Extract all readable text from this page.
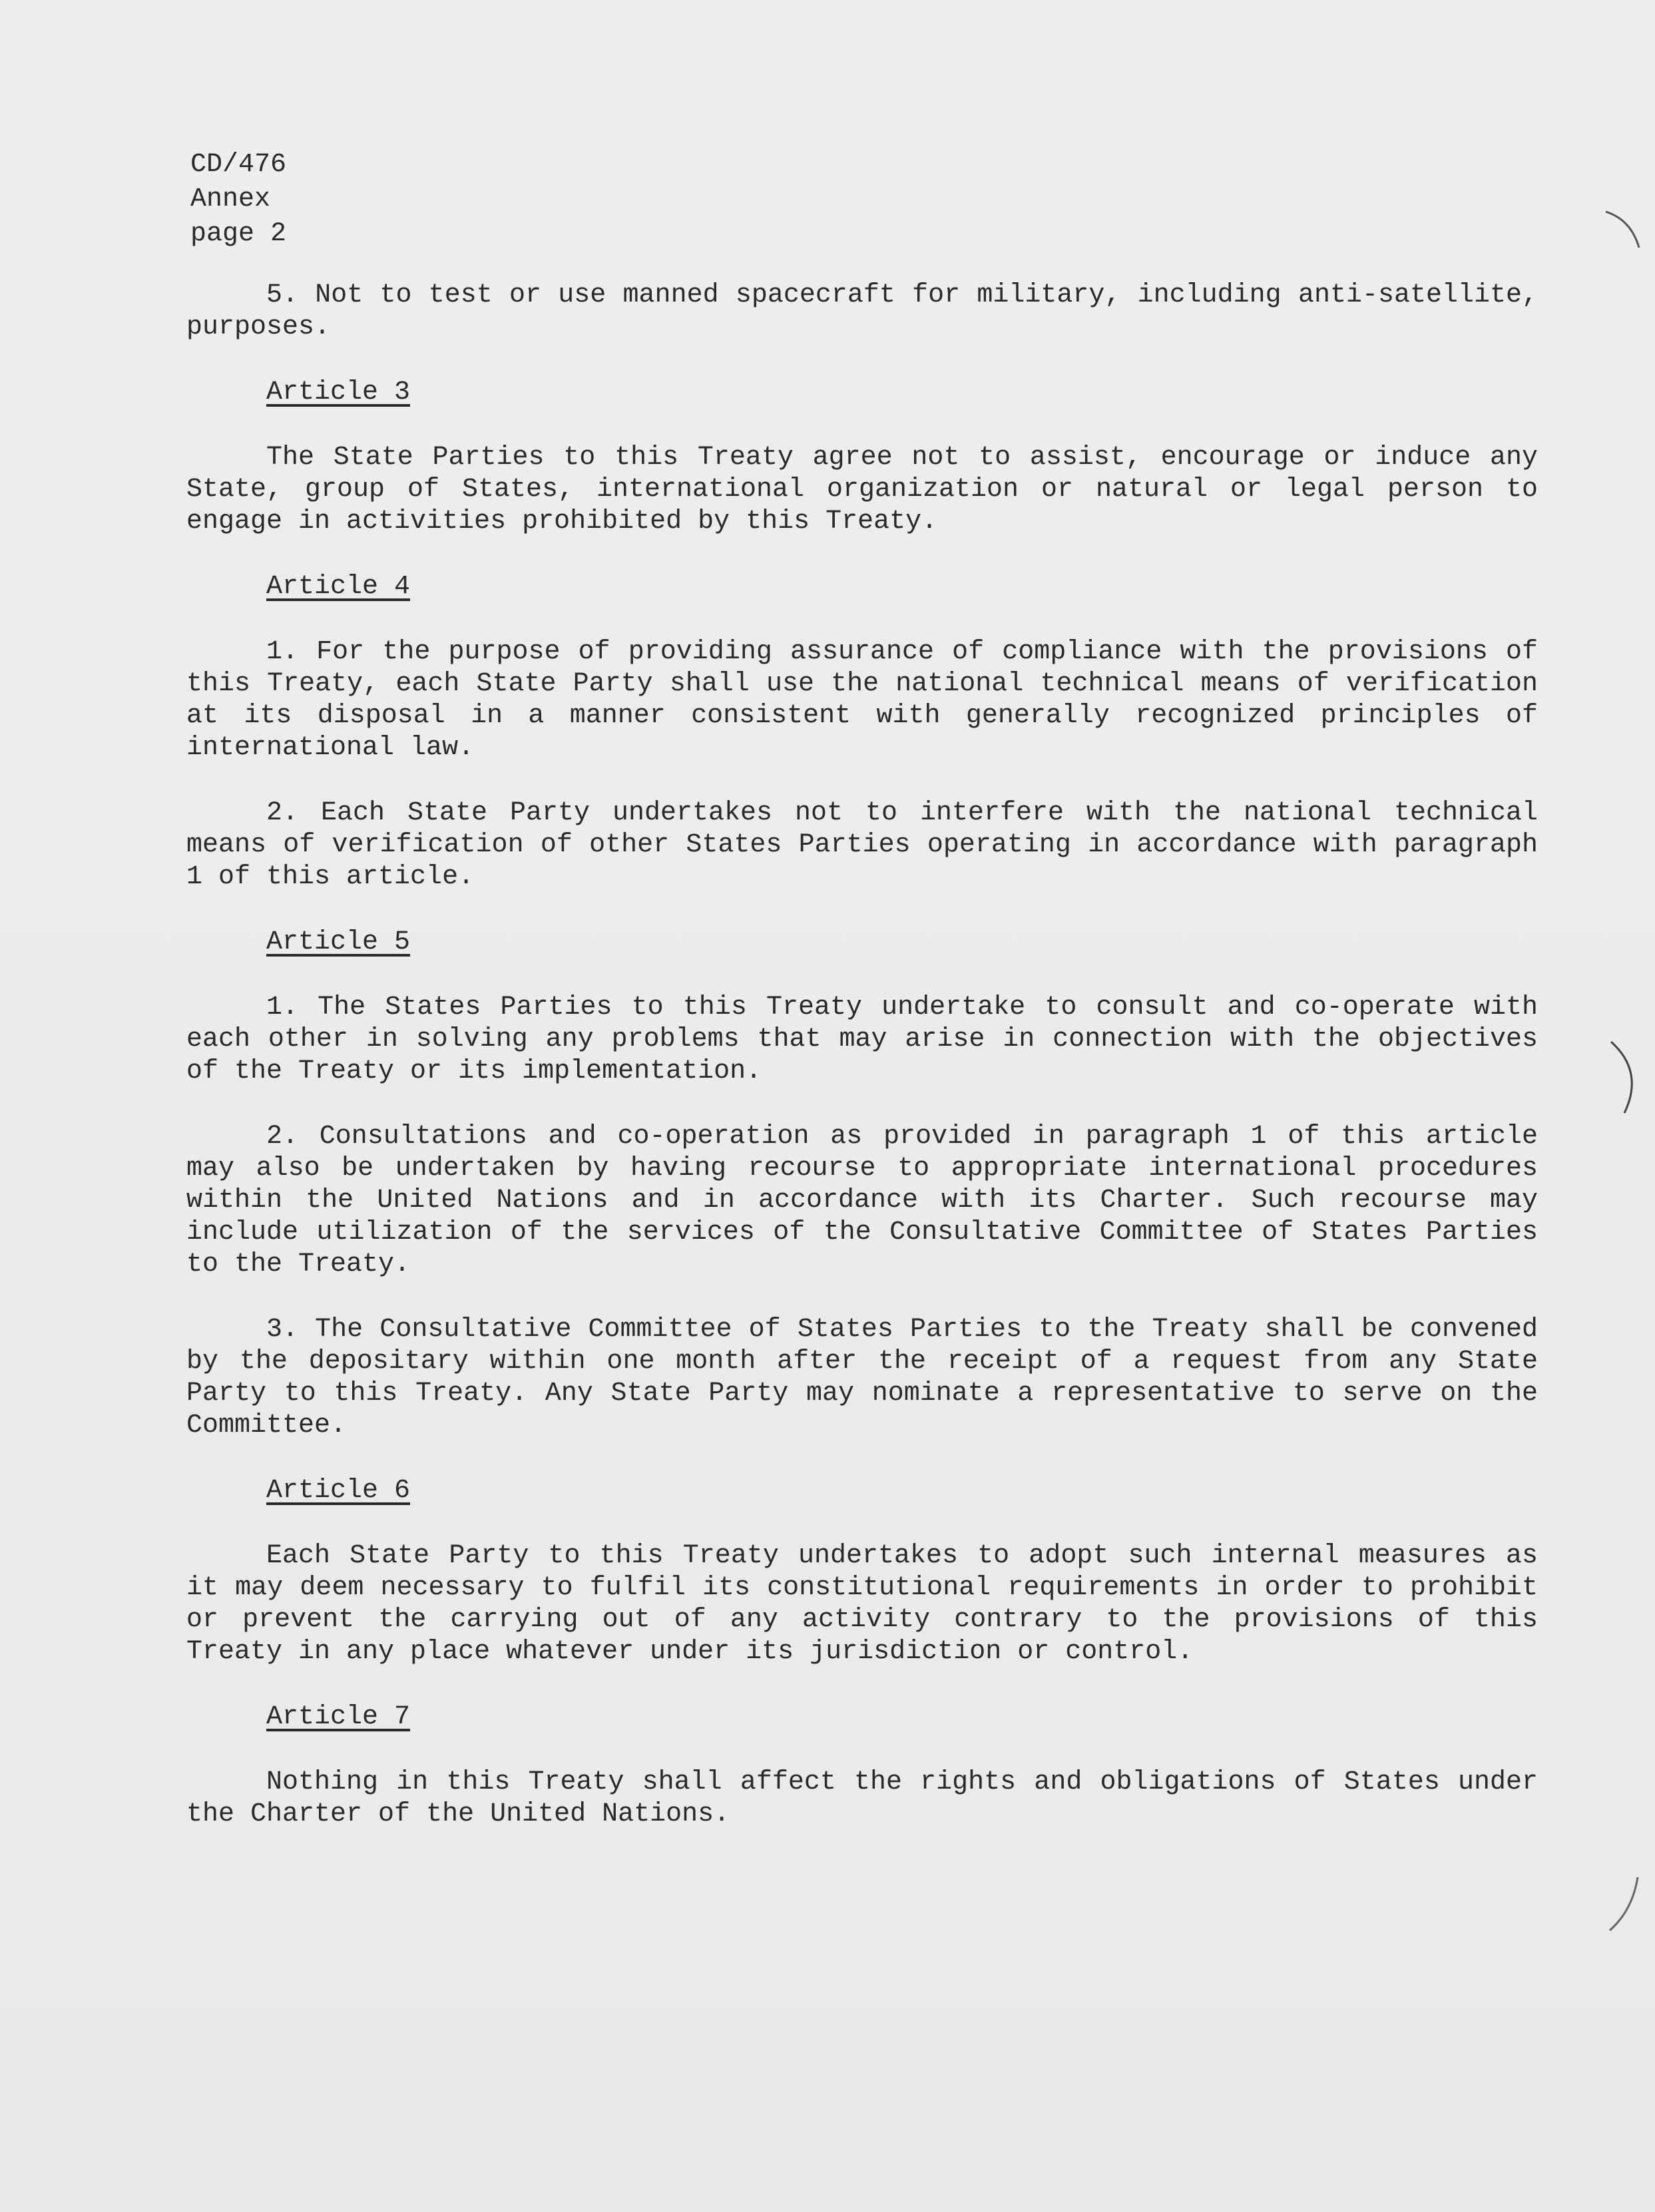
CD/476
Annex
page 2

5. Not to test or use manned spacecraft for military, including anti-satellite, purposes.

Article 3

The State Parties to this Treaty agree not to assist, encourage or induce any State, group of States, international organization or natural or legal person to engage in activities prohibited by this Treaty.

Article 4

1. For the purpose of providing assurance of compliance with the provisions of this Treaty, each State Party shall use the national technical means of verification at its disposal in a manner consistent with generally recognized principles of international law.

2. Each State Party undertakes not to interfere with the national technical means of verification of other States Parties operating in accordance with paragraph 1 of this article.

Article 5

1. The States Parties to this Treaty undertake to consult and co-operate with each other in solving any problems that may arise in connection with the objectives of the Treaty or its implementation.

2. Consultations and co-operation as provided in paragraph 1 of this article may also be undertaken by having recourse to appropriate international procedures within the United Nations and in accordance with its Charter. Such recourse may include utilization of the services of the Consultative Committee of States Parties to the Treaty.

3. The Consultative Committee of States Parties to the Treaty shall be convened by the depositary within one month after the receipt of a request from any State Party to this Treaty. Any State Party may nominate a representative to serve on the Committee.

Article 6

Each State Party to this Treaty undertakes to adopt such internal measures as it may deem necessary to fulfil its constitutional requirements in order to prohibit or prevent the carrying out of any activity contrary to the provisions of this Treaty in any place whatever under its jurisdiction or control.

Article 7

Nothing in this Treaty shall affect the rights and obligations of States under the Charter of the United Nations.
